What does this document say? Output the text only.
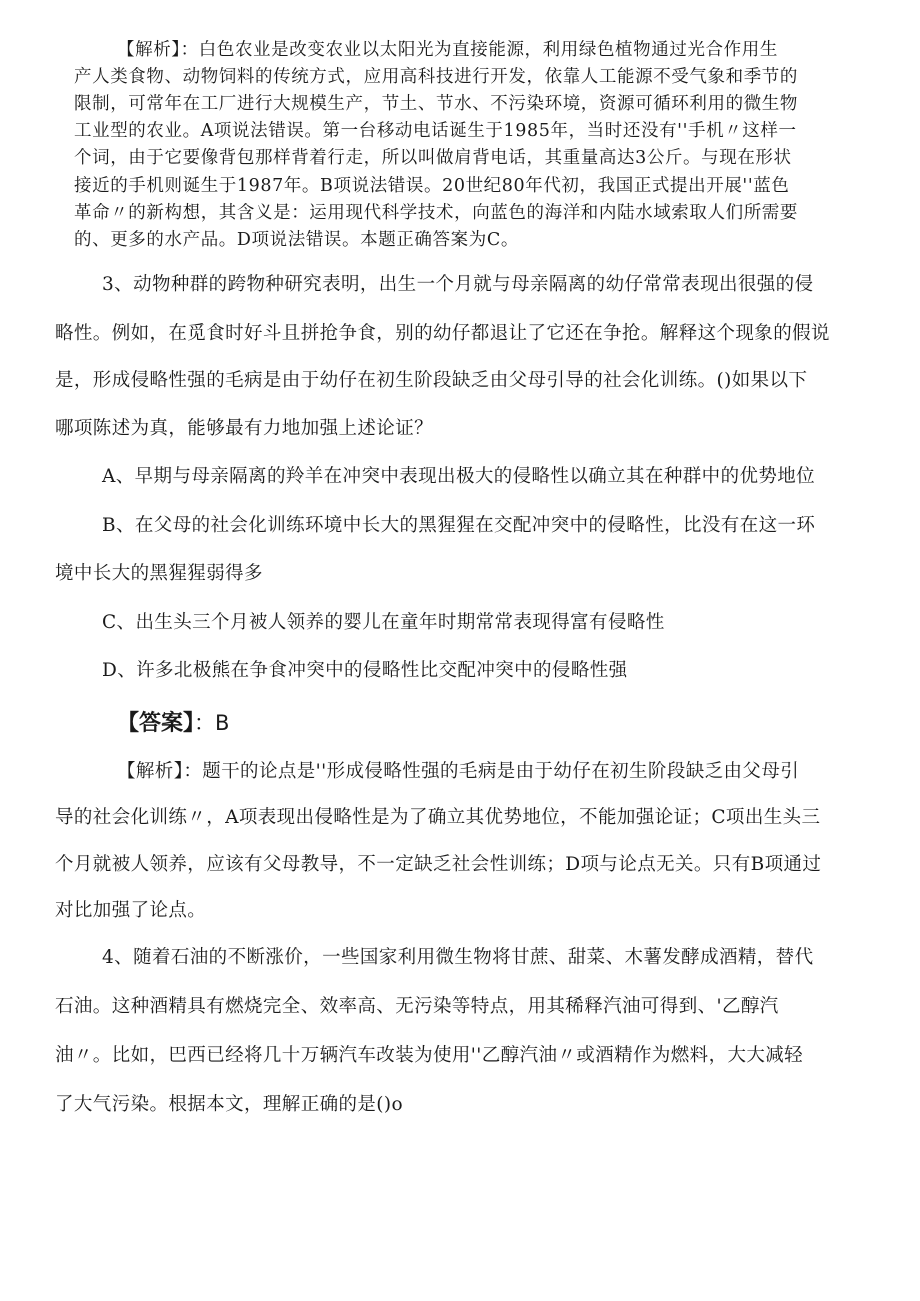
【解析】：白色农业是改变农业以太阳光为直接能源，利用绿色植物通过光合作用生
产人类食物、动物饲料的传统方式，应用高科技进行开发，依靠人工能源不受气象和季节的
限制，可常年在工厂进行大规模生产，节土、节水、不污染环境，资源可循环利用的微生物
工业型的农业。A项说法错误。第一台移动电话诞生于1985年，当时还没有''手机〃这样一
个词，由于它要像背包那样背着行走，所以叫做肩背电话，其重量高达3公斤。与现在形状
接近的手机则诞生于1987年。B项说法错误。20世纪80年代初，我国正式提出开展''蓝色
革命〃的新构想，其含义是：运用现代科学技术，向蓝色的海洋和内陆水域索取人们所需要
的、更多的水产品。D项说法错误。本题正确答案为C。
3、动物种群的跨物种研究表明，出生一个月就与母亲隔离的幼仔常常表现出很强的侵
略性。例如，在觅食时好斗且拼抢争食，别的幼仔都退让了它还在争抢。解释这个现象的假说
是，形成侵略性强的毛病是由于幼仔在初生阶段缺乏由父母引导的社会化训练。()如果以下
哪项陈述为真，能够最有力地加强上述论证？
A、早期与母亲隔离的羚羊在冲突中表现出极大的侵略性以确立其在种群中的优势地位
B、在父母的社会化训练环境中长大的黑猩猩在交配冲突中的侵略性，比没有在这一环
境中长大的黑猩猩弱得多
C、出生头三个月被人领养的婴儿在童年时期常常表现得富有侵略性
D、许多北极熊在争食冲突中的侵略性比交配冲突中的侵略性强
【答案】：B
【解析】：题干的论点是''形成侵略性强的毛病是由于幼仔在初生阶段缺乏由父母引
导的社会化训练〃，A项表现出侵略性是为了确立其优势地位，不能加强论证；C项出生头三
个月就被人领养，应该有父母教导，不一定缺乏社会性训练；D项与论点无关。只有B项通过
对比加强了论点。
4、随着石油的不断涨价，一些国家利用微生物将甘蔗、甜菜、木薯发酵成酒精，替代
石油。这种酒精具有燃烧完全、效率高、无污染等特点，用其稀释汽油可得到、'乙醇汽
油〃。比如，巴西已经将几十万辆汽车改装为使用''乙醇汽油〃或酒精作为燃料，大大减轻
了大气污染。根据本文，理解正确的是()o
